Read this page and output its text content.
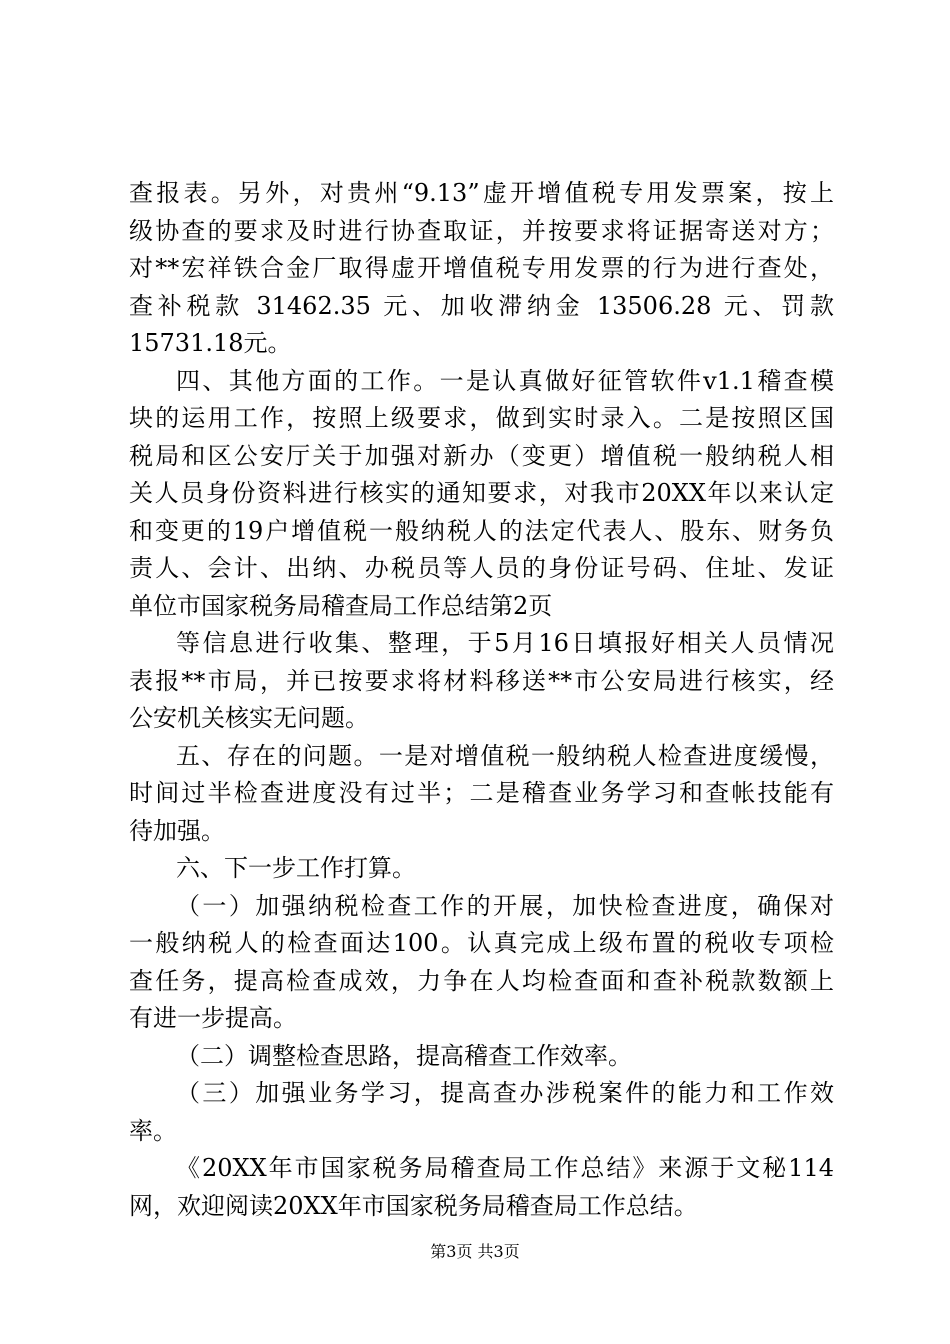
查报表。另外，对贵州“9.13”虚开增值税专用发票案，按上
级协查的要求及时进行协查取证，并按要求将证据寄送对方；
对**宏祥铁合金厂取得虚开增值税专用发票的行为进行查处，
查补税款 31462.35 元、加收滞纳金 13506.28 元、罚款
15731.18元。
四、其他方面的工作。一是认真做好征管软件v1.1稽查模
块的运用工作，按照上级要求，做到实时录入。二是按照区国
税局和区公安厅关于加强对新办（变更）增值税一般纳税人相
关人员身份资料进行核实的通知要求，对我市20XX年以来认定
和变更的19户增值税一般纳税人的法定代表人、股东、财务负
责人、会计、出纳、办税员等人员的身份证号码、住址、发证
单位市国家税务局稽查局工作总结第2页
等信息进行收集、整理，于5月16日填报好相关人员情况
表报**市局，并已按要求将材料移送**市公安局进行核实，经
公安机关核实无问题。
五、存在的问题。一是对增值税一般纳税人检查进度缓慢，
时间过半检查进度没有过半；二是稽查业务学习和查帐技能有
待加强。
六、下一步工作打算。
（一）加强纳税检查工作的开展，加快检查进度，确保对
一般纳税人的检查面达100。认真完成上级布置的税收专项检
查任务，提高检查成效，力争在人均检查面和查补税款数额上
有进一步提高。
（二）调整检查思路，提高稽查工作效率。
（三）加强业务学习，提高查办涉税案件的能力和工作效
率。
《20XX年市国家税务局稽查局工作总结》来源于文秘114
网，欢迎阅读20XX年市国家税务局稽查局工作总结。
第3页 共3页
